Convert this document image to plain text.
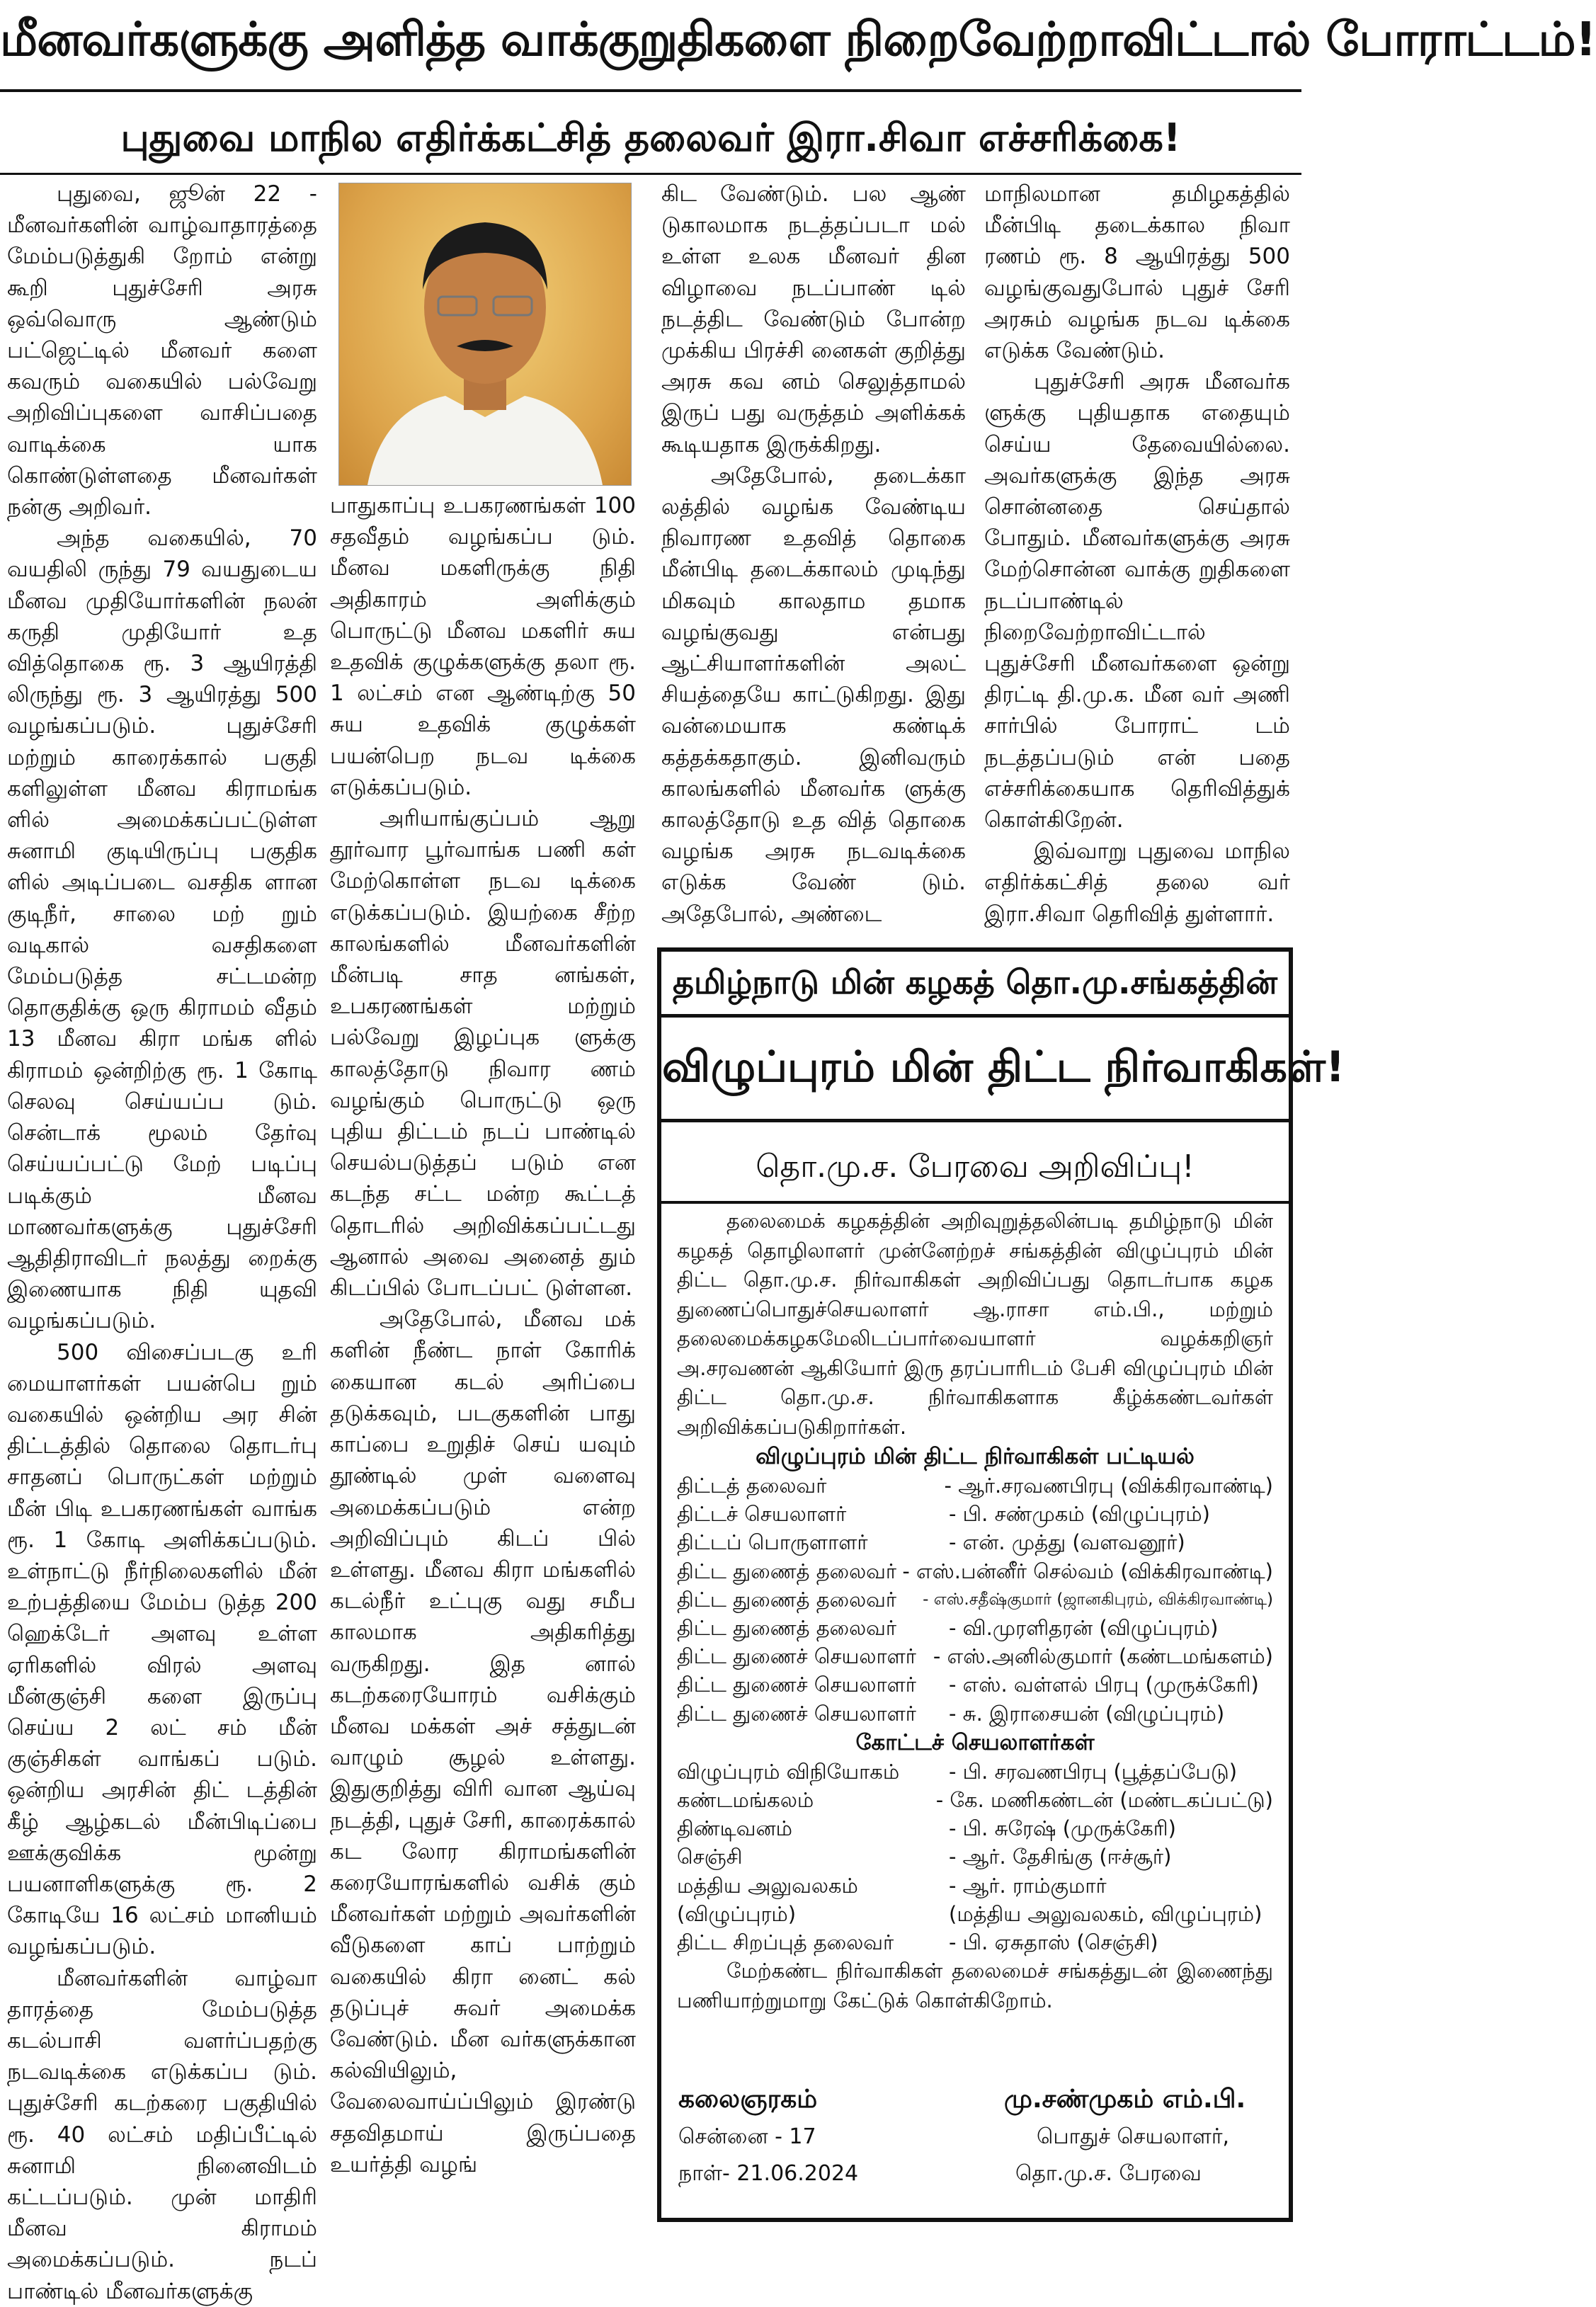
மீனவர்களுக்கு அளித்த வாக்குறுதிகளை நிறைவேற்றாவிட்டால் போராட்டம்!
புதுவை மாநில எதிர்க்கட்சித் தலைவர் இரா.சிவா எச்சரிக்கை!

புதுவை, ஜூன் 22 - மீனவர்களின் வாழ்வாதாரத்தை மேம்படுத்துகி றோம் என்று கூறி புதுச்சேரி அரசு ஒவ்வொரு ஆண்டும் பட்ஜெட்டில் மீனவர் களை கவரும் வகையில் பல்வேறு அறிவிப்புகளை வாசிப்பதை வாடிக்கை யாக கொண்டுள்ளதை மீனவர்கள் நன்கு அறிவர்.

அந்த வகையில், 70 வயதிலி ருந்து 79 வயதுடைய மீனவ முதியோர்களின் நலன் கருதி முதியோர் உத வித்தொகை ரூ. 3 ஆயிரத்தி லிருந்து ரூ. 3 ஆயிரத்து 500 வழங்கப்படும். புதுச்சேரி மற்றும் காரைக்கால் பகுதி களிலுள்ள மீனவ கிராமங்க ளில் அமைக்கப்பட்டுள்ள சுனாமி குடியிருப்பு பகுதிக ளில் அடிப்படை வசதிக ளான குடிநீர், சாலை மற் றும் வடிகால் வசதிகளை மேம்படுத்த சட்டமன்ற தொகுதிக்கு ஒரு கிராமம் வீதம் 13 மீனவ கிரா மங்க ளில் கிராமம் ஒன்றிற்கு ரூ. 1 கோடி செலவு செய்யப்ப டும். சென்டாக் மூலம் தேர்வு செய்யப்பட்டு மேற் படிப்பு படிக்கும் மீனவ மாணவர்களுக்கு புதுச்சேரி ஆதிதிராவிடர் நலத்து றைக்கு இணையாக நிதி யுதவி வழங்கப்படும்.

500 விசைப்படகு உரி மையாளர்கள் பயன்பெ றும் வகையில் ஒன்றிய அர சின் திட்டத்தில் தொலை தொடர்பு சாதனப் பொருட்கள் மற்றும் மீன் பிடி உபகரணங்கள் வாங்க ரூ. 1 கோடி அளிக்கப்படும். உள்நாட்டு நீர்நிலைகளில் மீன் உற்பத்தியை மேம்ப டுத்த 200 ஹெக்டேர் அளவு உள்ள ஏரிகளில் விரல் அளவு மீன்குஞ்சி களை இருப்பு செய்ய 2 லட் சம் மீன் குஞ்சிகள் வாங்கப் படும். ஒன்றிய அரசின் திட் டத்தின் கீழ் ஆழ்கடல் மீன்பிடிப்பை ஊக்குவிக்க மூன்று பயனாளிகளுக்கு ரூ. 2 கோடியே 16 லட்சம் மானியம் வழங்கப்படும்.

மீனவர்களின் வாழ்வா தாரத்தை மேம்படுத்த கடல்பாசி வளர்ப்பதற்கு நடவடிக்கை எடுக்கப்ப டும். புதுச்சேரி கடற்கரை பகுதியில் ரூ. 40 லட்சம் மதிப்பீட்டில் சுனாமி நினைவிடம் கட்டப்படும். முன் மாதிரி மீனவ கிராமம் அமைக்கப்படும். நடப் பாண்டில் மீனவர்களுக்கு

பாதுகாப்பு உபகரணங்கள் 100 சதவீதம் வழங்கப்ப டும். மீனவ மகளிருக்கு நிதி அதிகாரம் அளிக்கும் பொருட்டு மீனவ மகளிர் சுய உதவிக் குழுக்களுக்கு தலா ரூ. 1 லட்சம் என ஆண்டிற்கு 50 சுய உதவிக் குழுக்கள் பயன்பெற நடவ டிக்கை எடுக்கப்படும்.

அரியாங்குப்பம் ஆறு தூர்வார பூர்வாங்க பணி கள் மேற்கொள்ள நடவ டிக்கை எடுக்கப்படும். இயற்கை சீற்ற காலங்களில் மீனவர்களின் மீன்படி சாத னங்கள், உபகரணங்கள் மற்றும் பல்வேறு இழப்புக ளுக்கு காலத்தோடு நிவார ணம் வழங்கும் பொருட்டு ஒரு புதிய திட்டம் நடப் பாண்டில் செயல்படுத்தப் படும் என கடந்த சட்ட மன்ற கூட்டத் தொடரில் அறிவிக்கப்பட்டது ஆனால் அவை அனைத் தும் கிடப்பில் போடப்பட் டுள்ளன.

அதேபோல், மீனவ மக் களின் நீண்ட நாள் கோரிக் கையான கடல் அரிப்பை தடுக்கவும், படகுகளின் பாது காப்பை உறுதிச் செய் யவும் தூண்டில் முள் வளைவு அமைக்கப்படும் என்ற அறிவிப்பும் கிடப் பில் உள்ளது. மீனவ கிரா மங்களில் கடல்நீர் உட்புகு வது சமீப காலமாக அதிகரித்து வருகிறது. இத னால் கடற்கரையோரம் வசிக்கும் மீனவ மக்கள் அச் சத்துடன் வாழும் சூழல் உள்ளது. இதுகுறித்து விரி வான ஆய்வு நடத்தி, புதுச் சேரி, காரைக்கால் கட லோர கிராமங்களின் கரையோரங்களில் வசிக் கும் மீனவர்கள் மற்றும் அவர்களின் வீடுகளை காப் பாற்றும் வகையில் கிரா னைட் கல் தடுப்புச் சுவர் அமைக்க வேண்டும். மீன வர்களுக்கான கல்வியிலும், வேலைவாய்ப்பிலும் இரண்டு சதவிதமாய் இருப்பதை உயர்த்தி வழங்

கிட வேண்டும். பல ஆண் டுகாலமாக நடத்தப்படா மல் உள்ள உலக மீனவர் தின விழாவை நடப்பாண் டில் நடத்திட வேண்டும் போன்ற முக்கிய பிரச்சி னைகள் குறித்து அரசு கவ னம் செலுத்தாமல் இருப் பது வருத்தம் அளிக்கக் கூடியதாக இருக்கிறது.

அதேபோல், தடைக்கா லத்தில் வழங்க வேண்டிய நிவாரண உதவித் தொகை மீன்பிடி தடைக்காலம் முடிந்து மிகவும் காலதாம தமாக வழங்குவது என்பது ஆட்சியாளர்களின் அலட் சியத்தையே காட்டுகிறது. இது வன்மையாக கண்டிக் கத்தக்கதாகும். இனிவரும் காலங்களில் மீனவர்க ளுக்கு காலத்தோடு உத வித் தொகை வழங்க அரசு நடவடிக்கை எடுக்க வேண் டும். அதேபோல், அண்டை

மாநிலமான தமிழகத்தில் மீன்பிடி தடைக்கால நிவா ரணம் ரூ. 8 ஆயிரத்து 500 வழங்குவதுபோல் புதுச் சேரி அரசும் வழங்க நடவ டிக்கை எடுக்க வேண்டும்.

புதுச்சேரி அரசு மீனவர்க ளுக்கு புதியதாக எதையும் செய்ய தேவையில்லை. அவர்களுக்கு இந்த அரசு சொன்னதை செய்தால் போதும். மீனவர்களுக்கு அரசு மேற்சொன்ன வாக்கு றுதிகளை நடப்பாண்டில் நிறைவேற்றாவிட்டால் புதுச்சேரி மீனவர்களை ஒன்று திரட்டி தி.மு.க. மீன வர் அணி சார்பில் போராட் டம் நடத்தப்படும் என் பதை எச்சரிக்கையாக தெரிவித்துக் கொள்கிறேன்.

இவ்வாறு புதுவை மாநில எதிர்க்கட்சித் தலை வர் இரா.சிவா தெரிவித் துள்ளார்.

தமிழ்நாடு மின் கழகத் தொ.மு.சங்கத்தின்
விழுப்புரம் மின் திட்ட நிர்வாகிகள்!
தொ.மு.ச. பேரவை அறிவிப்பு!

தலைமைக் கழகத்தின் அறிவுறுத்தலின்படி தமிழ்நாடு மின் கழகத் தொழிலாளர் முன்னேற்றச் சங்கத்தின் விழுப்புரம் மின் திட்ட தொ.மு.ச. நிர்வாகிகள் அறிவிப்பது தொடர்பாக கழக துணைப்பொதுச்செயலாளர் ஆ.ராசா எம்.பி., மற்றும் தலைமைக்கழகமேலிடப்பார்வையாளர் வழக்கறிஞர் அ.சரவணன் ஆகியோர் இரு தரப்பாரிடம் பேசி விழுப்புரம் மின் திட்ட தொ.மு.ச. நிர்வாகிகளாக கீழ்க்கண்டவர்கள் அறிவிக்கப்படுகிறார்கள்.

விழுப்புரம் மின் திட்ட நிர்வாகிகள் பட்டியல்
திட்டத் தலைவர்	- ஆர்.சரவணபிரபு (விக்கிரவாண்டி)
திட்டச் செயலாளர்	- பி. சண்முகம் (விழுப்புரம்)
திட்டப் பொருளாளர்	- என். முத்து (வளவனூர்)
திட்ட துணைத் தலைவர் - எஸ்.பன்னீர் செல்வம் (விக்கிரவாண்டி)
திட்ட துணைத் தலைவர்	- எஸ்.சதீஷ்குமார் (ஜானகிபுரம், விக்கிரவாண்டி)
திட்ட துணைத் தலைவர்	- வி.முரளிதரன் (விழுப்புரம்)
திட்ட துணைச் செயலாளர் - எஸ்.அனில்குமார் (கண்டமங்களம்)
திட்ட துணைச் செயலாளர்	- எஸ். வள்ளல் பிரபு (முருக்கேரி)
திட்ட துணைச் செயலாளர்	- சு. இராசையன் (விழுப்புரம்)
கோட்டச் செயலாளர்கள்
விழுப்புரம் விநியோகம்	- பி. சரவணபிரபு (பூத்தப்பேடு)
கண்டமங்கலம்	- கே. மணிகண்டன் (மண்டகப்பட்டு)
திண்டிவனம்	- பி. சுரேஷ் (முருக்கேரி)
செஞ்சி	- ஆர். தேசிங்கு (ஈச்சூர்)
மத்திய அலுவலகம்	- ஆர். ராம்குமார்
(விழுப்புரம்)	(மத்திய அலுவலகம், விழுப்புரம்)
திட்ட சிறப்புத் தலைவர்	- பி. ஏசுதாஸ் (செஞ்சி)

மேற்கண்ட நிர்வாகிகள் தலைமைச் சங்கத்துடன் இணைந்து பணியாற்றுமாறு கேட்டுக் கொள்கிறோம்.

கலைஞரகம்
சென்னை - 17
நாள்- 21.06.2024
மு.சண்முகம் எம்.பி.
பொதுச் செயலாளர்,
தொ.மு.ச. பேரவை
